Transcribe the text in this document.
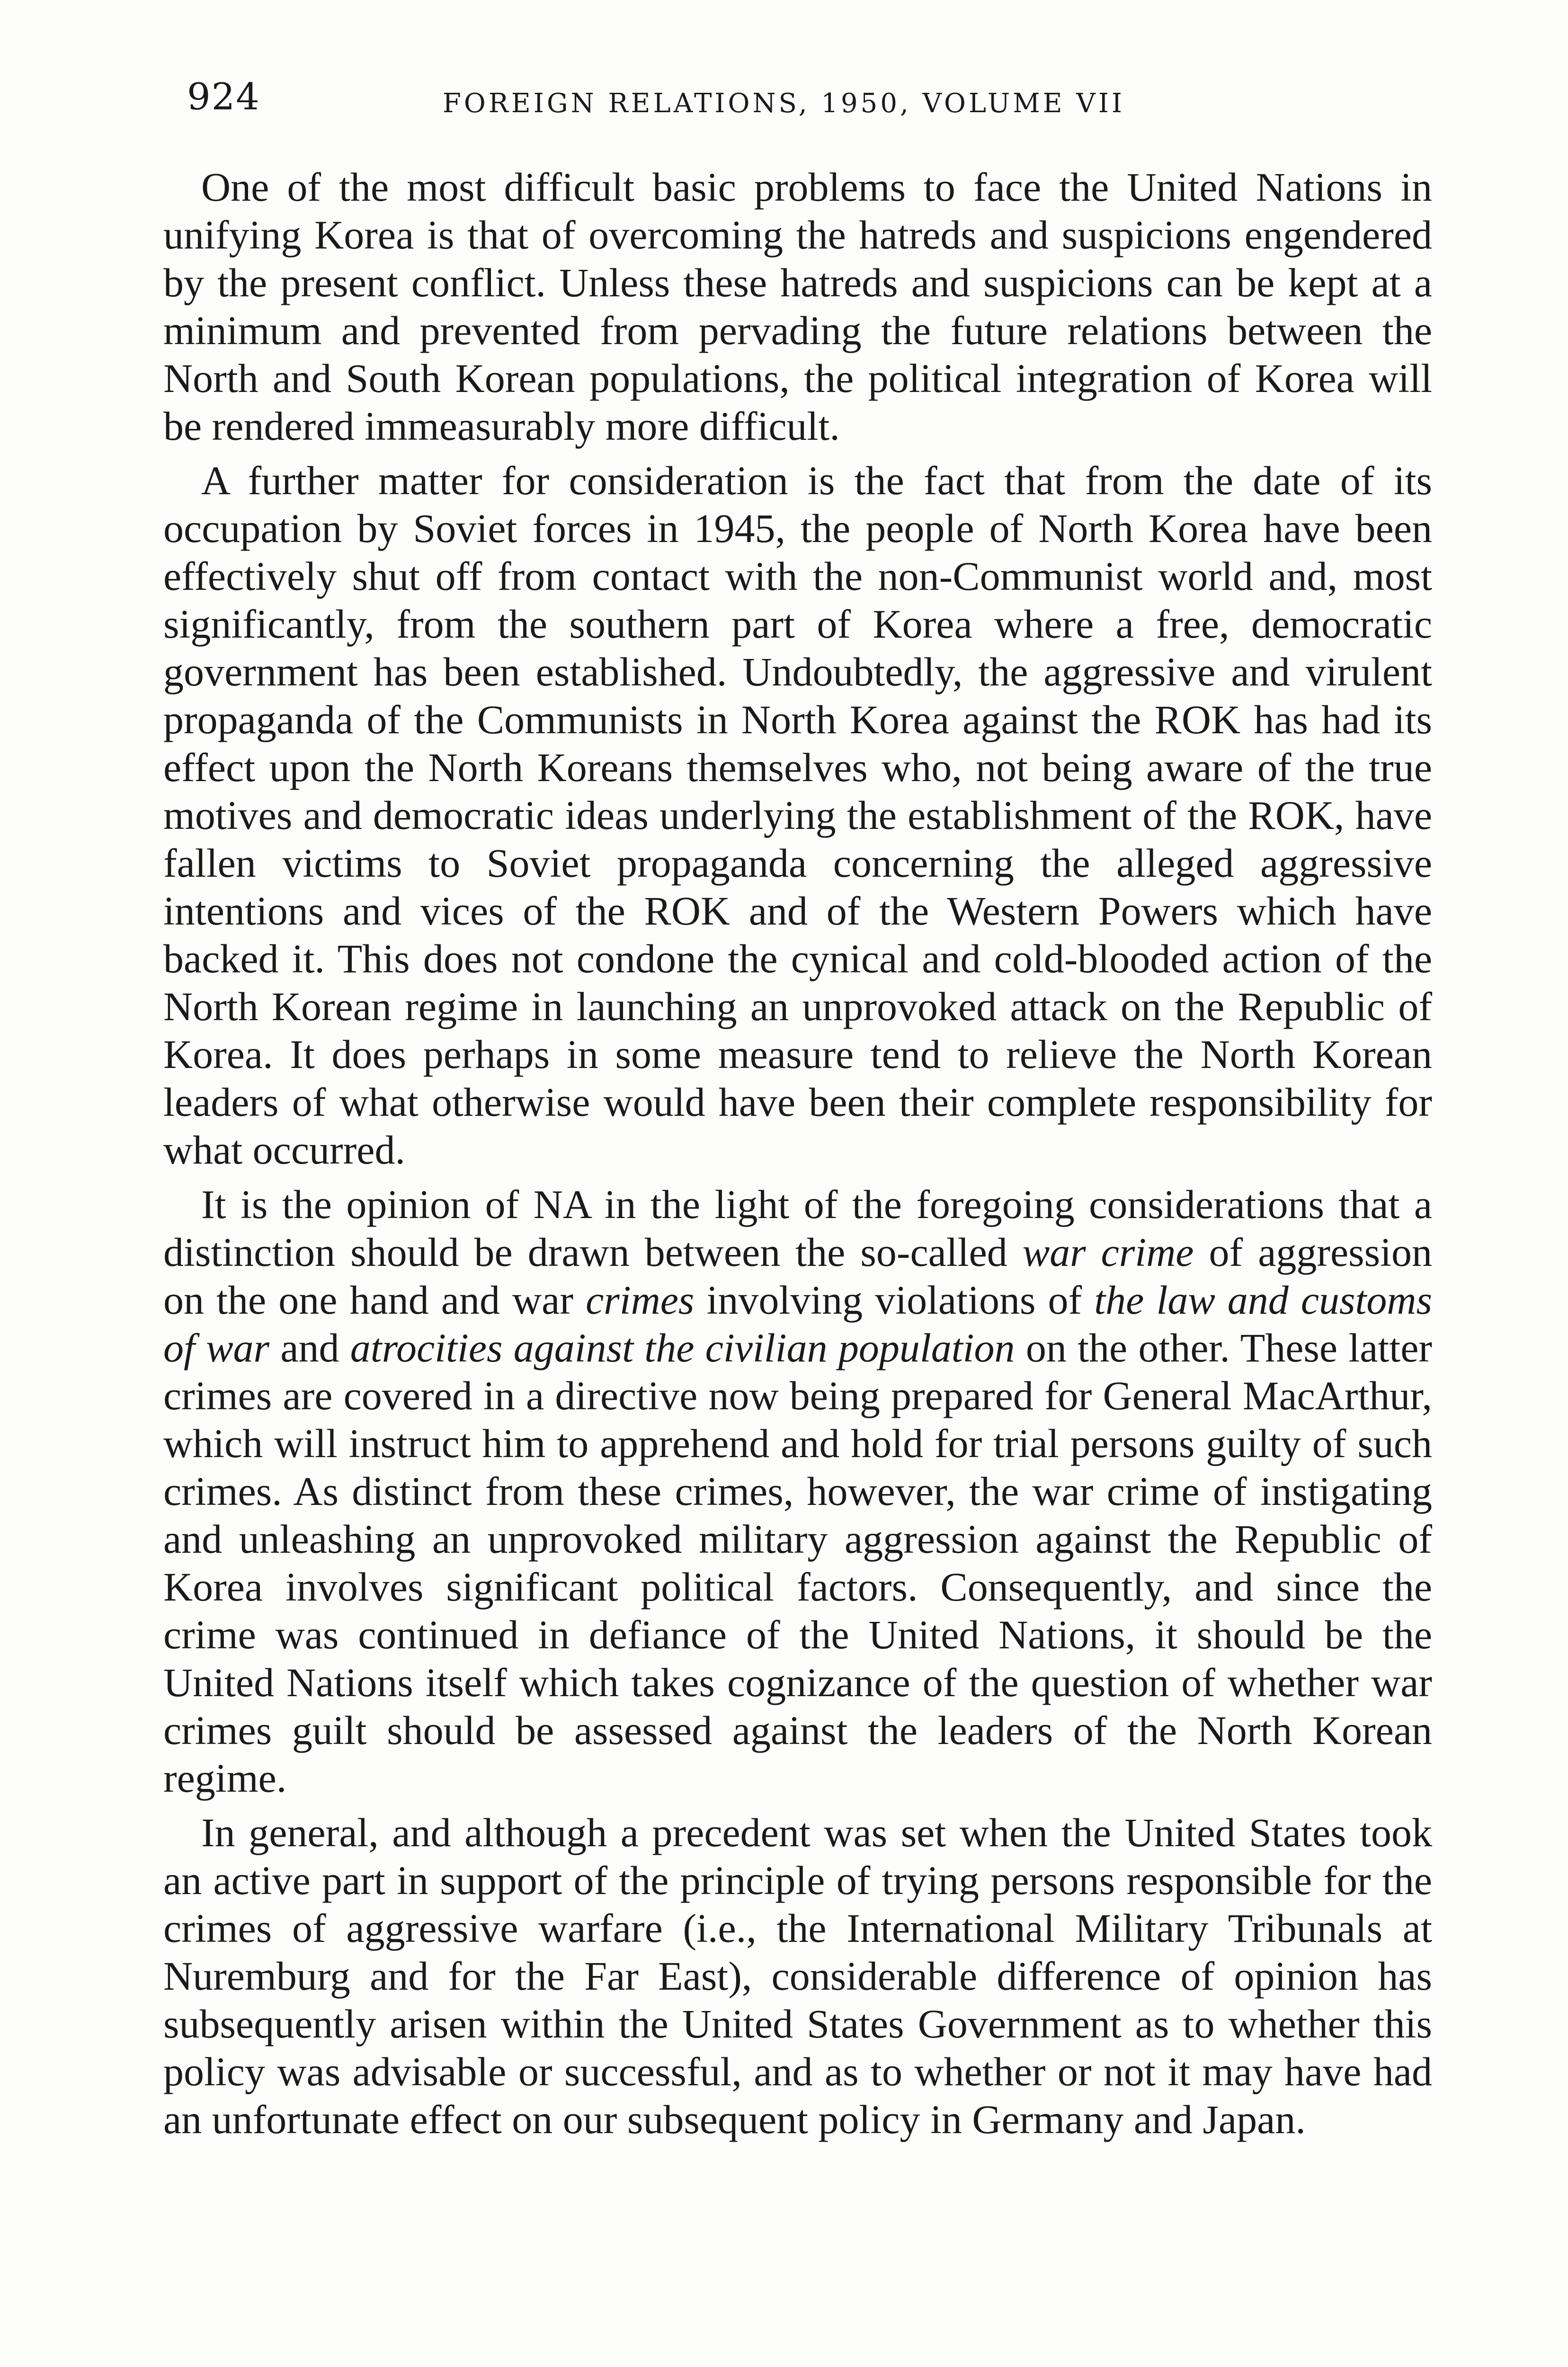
924	FOREIGN RELATIONS, 1950, VOLUME VII

One of the most difficult basic problems to face the United Nations in unifying Korea is that of overcoming the hatreds and suspicions engendered by the present conflict. Unless these hatreds and suspicions can be kept at a minimum and prevented from pervading the future relations between the North and South Korean populations, the political integration of Korea will be rendered immeasurably more difficult.

A further matter for consideration is the fact that from the date of its occupation by Soviet forces in 1945, the people of North Korea have been effectively shut off from contact with the non-Communist world and, most significantly, from the southern part of Korea where a free, democratic government has been established. Undoubtedly, the aggressive and virulent propaganda of the Communists in North Korea against the ROK has had its effect upon the North Koreans themselves who, not being aware of the true motives and democratic ideas underlying the establishment of the ROK, have fallen victims to Soviet propaganda concerning the alleged aggressive intentions and vices of the ROK and of the Western Powers which have backed it. This does not condone the cynical and cold-blooded action of the North Korean regime in launching an unprovoked attack on the Republic of Korea. It does perhaps in some measure tend to relieve the North Korean leaders of what otherwise would have been their complete responsibility for what occurred.

It is the opinion of NA in the light of the foregoing considerations that a distinction should be drawn between the so-called war crime of aggression on the one hand and war crimes involving violations of the law and customs of war and atrocities against the civilian population on the other. These latter crimes are covered in a directive now being prepared for General MacArthur, which will instruct him to apprehend and hold for trial persons guilty of such crimes. As distinct from these crimes, however, the war crime of instigating and unleashing an unprovoked military aggression against the Republic of Korea involves significant political factors. Consequently, and since the crime was continued in defiance of the United Nations, it should be the United Nations itself which takes cognizance of the question of whether war crimes guilt should be assessed against the leaders of the North Korean regime.

In general, and although a precedent was set when the United States took an active part in support of the principle of trying persons responsible for the crimes of aggressive warfare (i.e., the International Military Tribunals at Nuremburg and for the Far East), considerable difference of opinion has subsequently arisen within the United States Government as to whether this policy was advisable or successful, and as to whether or not it may have had an unfortunate effect on our subsequent policy in Germany and Japan.
